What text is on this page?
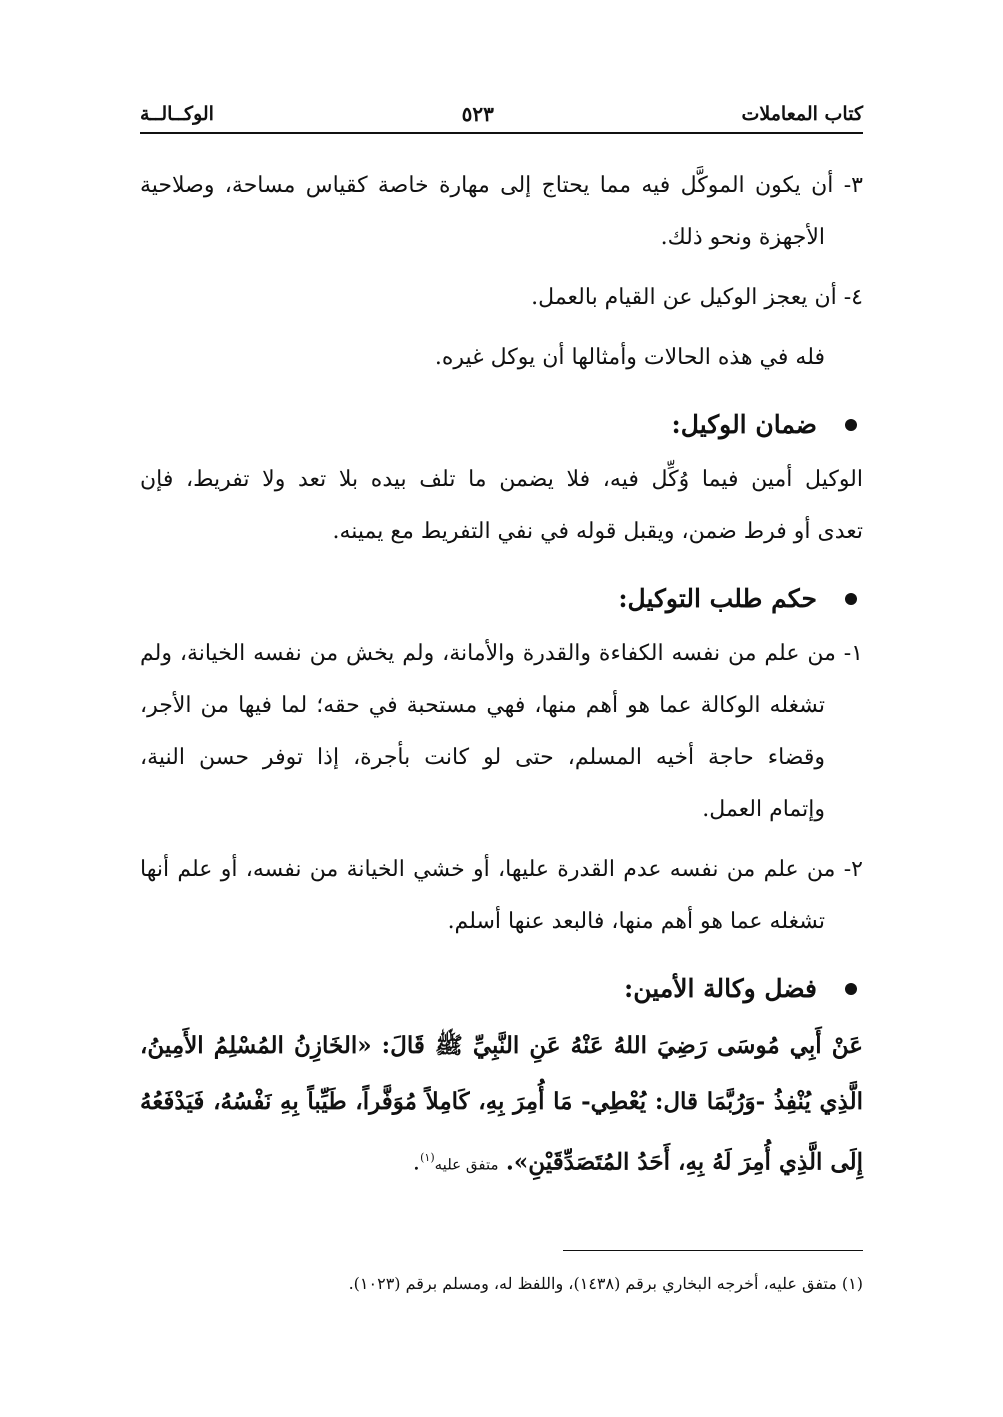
كتاب المعاملات
٥٢٣
الوكــالــة
٣- أن يكون الموكَّل فيه مما يحتاج إلى مهارة خاصة كقياس مساحة، وصلاحية
الأجهزة ونحو ذلك.
٤- أن يعجز الوكيل عن القيام بالعمل.
فله في هذه الحالات وأمثالها أن يوكل غيره.
ضمان الوكيل:
الوكيل أمين فيما وُكِّل فيه، فلا يضمن ما تلف بيده بلا تعد ولا تفريط، فإن
تعدى أو فرط ضمن، ويقبل قوله في نفي التفريط مع يمينه.
حكم طلب التوكيل:
١- من علم من نفسه الكفاءة والقدرة والأمانة، ولم يخش من نفسه الخيانة، ولم
تشغله الوكالة عما هو أهم منها، فهي مستحبة في حقه؛ لما فيها من الأجر،
وقضاء حاجة أخيه المسلم، حتى لو كانت بأجرة، إذا توفر حسن النية،
وإتمام العمل.
٢- من علم من نفسه عدم القدرة عليها، أو خشي الخيانة من نفسه، أو علم أنها
تشغله عما هو أهم منها، فالبعد عنها أسلم.
فضل وكالة الأمين:
عَنْ أَبِي مُوسَى رَضِيَ اللهُ عَنْهُ عَنِ النَّبِيِّ ﷺ قَالَ: «الخَازِنُ المُسْلِمُ الأَمِينُ،
الَّذِي يُنْفِذُ -وَرُبَّمَا قال: يُعْطِي- مَا أُمِرَ بِهِ، كَامِلاً مُوَفَّراً، طَيِّباً بِهِ نَفْسُهُ، فَيَدْفَعُهُ
إِلَى الَّذِي أُمِرَ لَهُ بِهِ، أَحَدُ المُتَصَدِّقَيْنِ». متفق عليه$^{(١)}$.
(١) متفق عليه، أخرجه البخاري برقم (١٤٣٨)، واللفظ له، ومسلم برقم (١٠٢٣).
